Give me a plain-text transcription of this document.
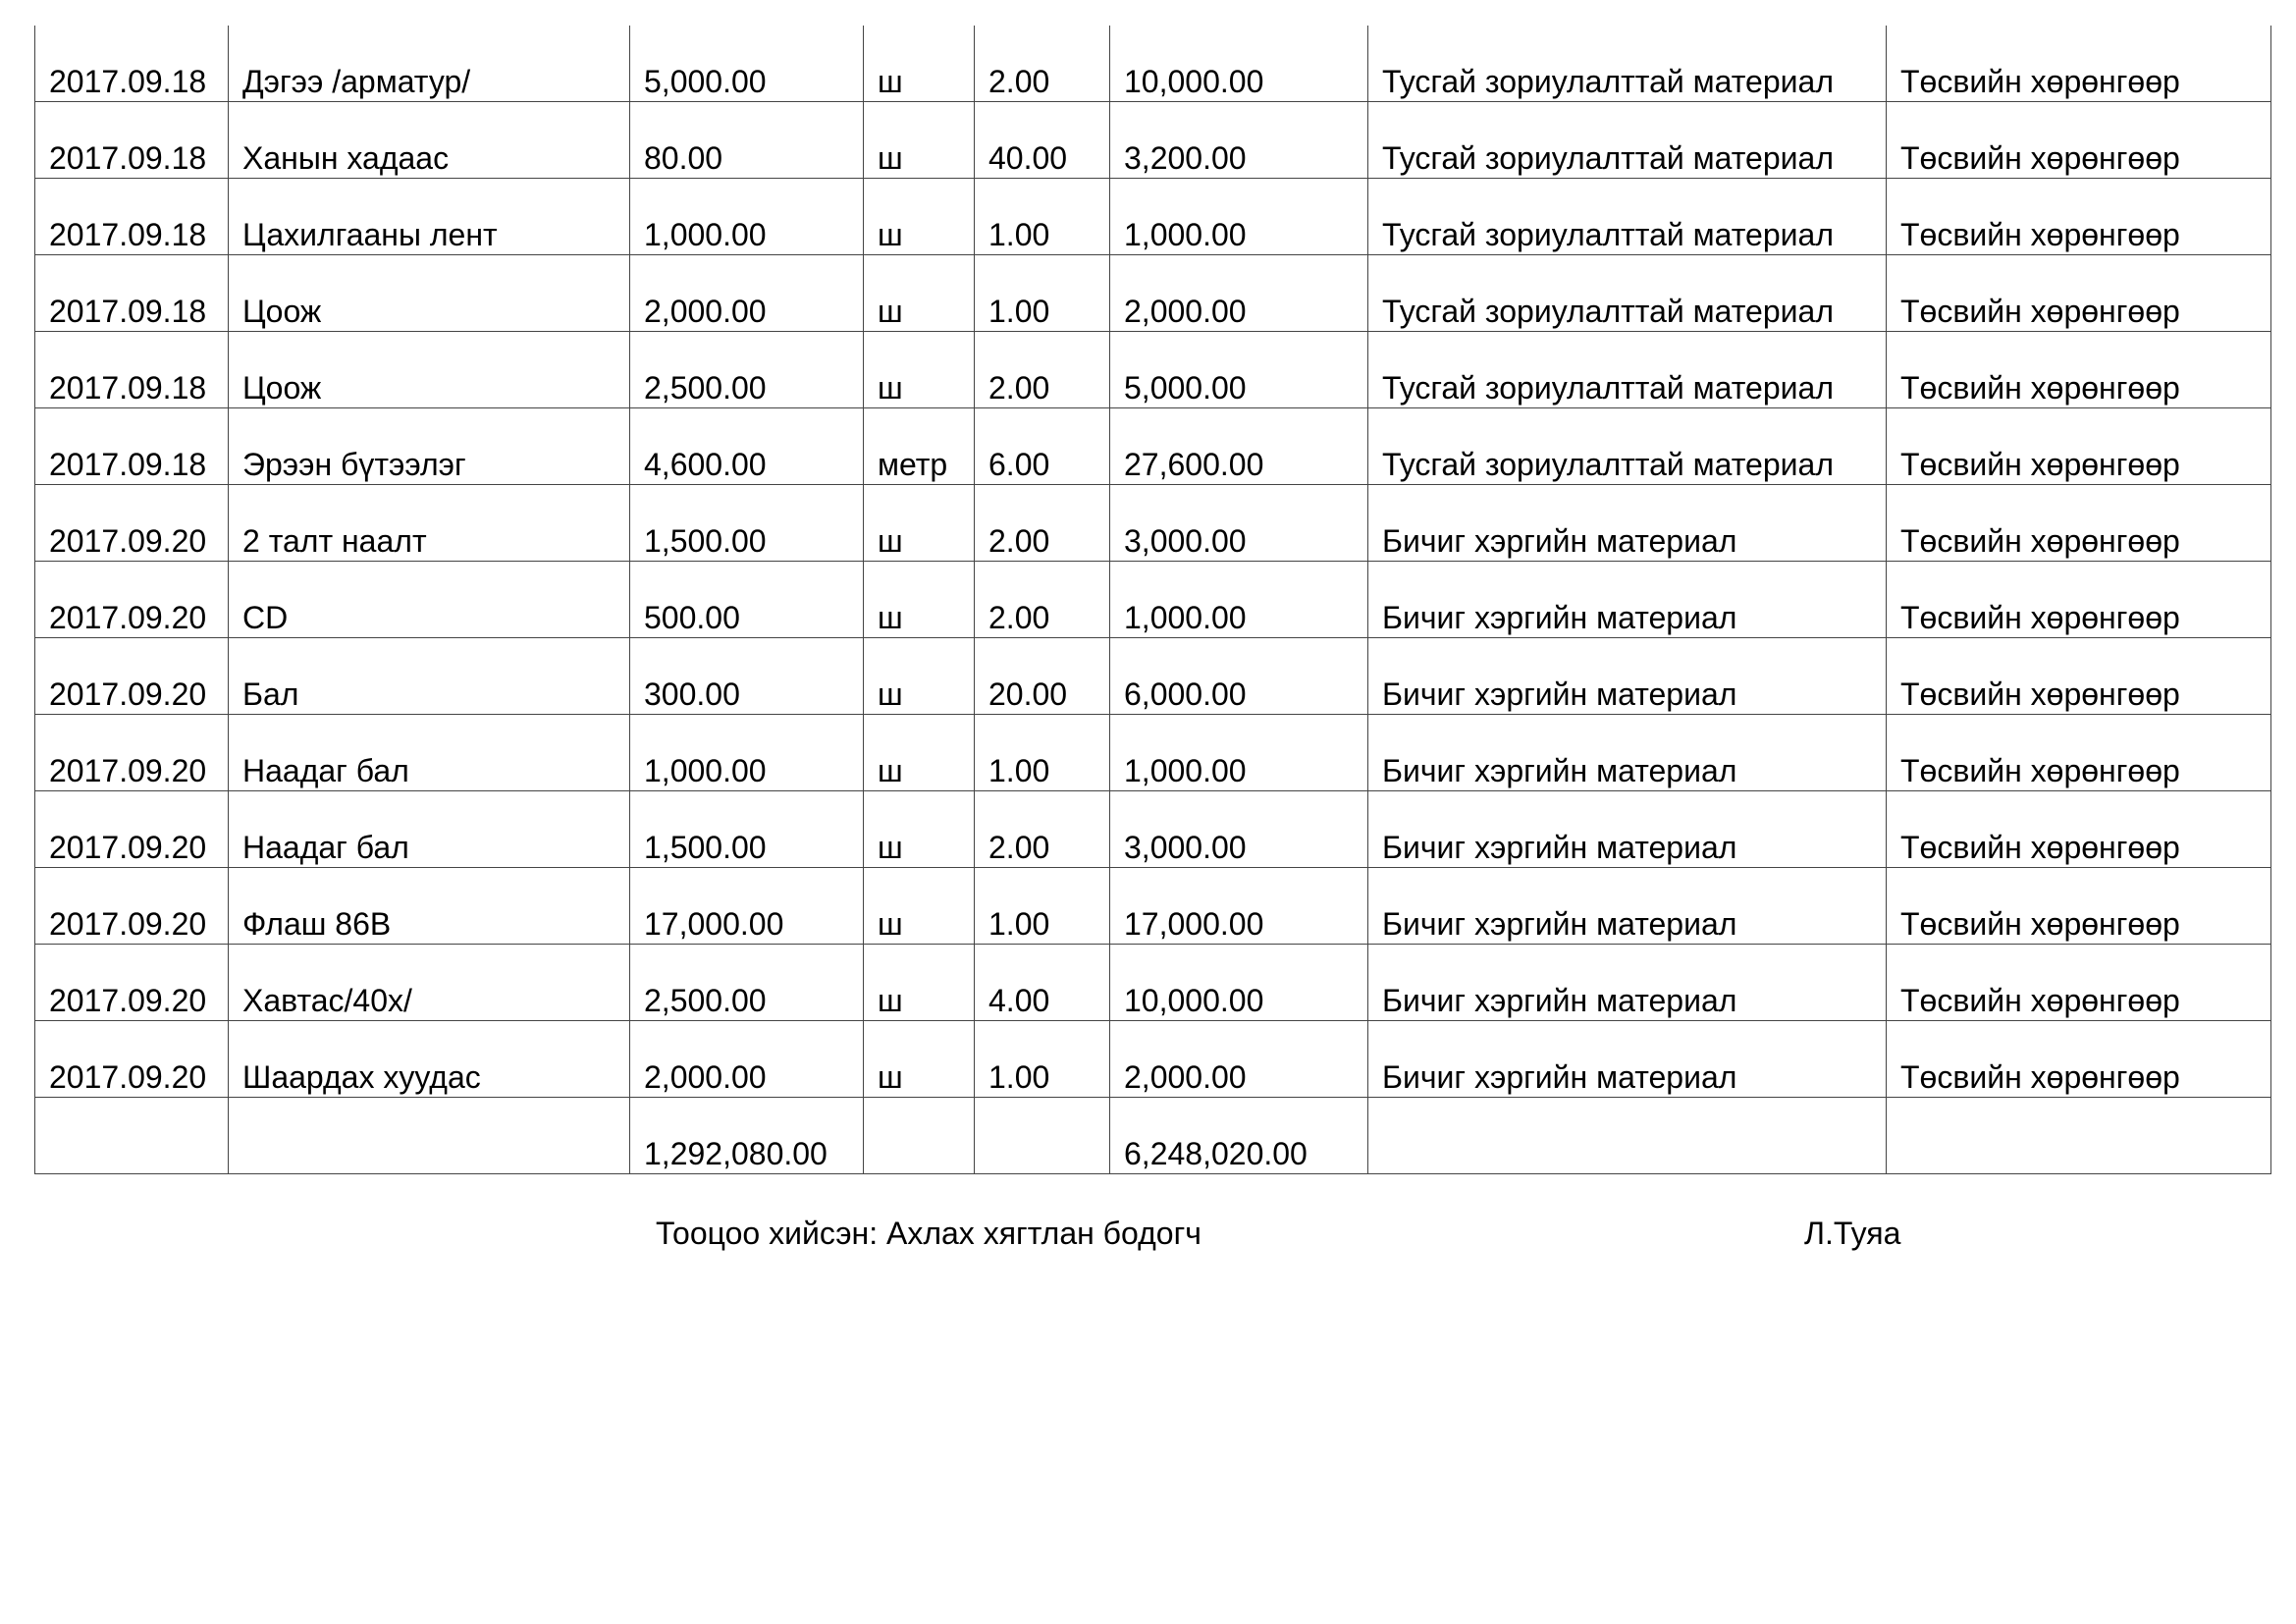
2017.09.18	Дэгээ /арматур/	5,000.00	ш	2.00	10,000.00	Тусгай зориулалттай материал	Төсвийн хөрөнгөөр

2017.09.18	Ханын хадаас	80.00	ш	40.00	3,200.00	Тусгай зориулалттай материал	Төсвийн хөрөнгөөр

2017.09.18	Цахилгааны лент	1,000.00	ш	1.00	1,000.00	Тусгай зориулалттай материал	Төсвийн хөрөнгөөр

2017.09.18	Цоож	2,000.00	ш	1.00	2,000.00	Тусгай зориулалттай материал	Төсвийн хөрөнгөөр

2017.09.18	Цоож	2,500.00	ш	2.00	5,000.00	Тусгай зориулалттай материал	Төсвийн хөрөнгөөр

2017.09.18	Эрээн бүтээлэг	4,600.00	метр	6.00	27,600.00	Тусгай зориулалттай материал	Төсвийн хөрөнгөөр

2017.09.20	2 талт наалт	1,500.00	ш	2.00	3,000.00	Бичиг хэргийн материал	Төсвийн хөрөнгөөр

2017.09.20	CD	500.00	ш	2.00	1,000.00	Бичиг хэргийн материал	Төсвийн хөрөнгөөр

2017.09.20	Бал	300.00	ш	20.00	6,000.00	Бичиг хэргийн материал	Төсвийн хөрөнгөөр

2017.09.20	Наадаг бал	1,000.00	ш	1.00	1,000.00	Бичиг хэргийн материал	Төсвийн хөрөнгөөр

2017.09.20	Наадаг бал	1,500.00	ш	2.00	3,000.00	Бичиг хэргийн материал	Төсвийн хөрөнгөөр

2017.09.20	Флаш 86B	17,000.00	ш	1.00	17,000.00	Бичиг хэргийн материал	Төсвийн хөрөнгөөр

2017.09.20	Хавтас/40х/	2,500.00	ш	4.00	10,000.00	Бичиг хэргийн материал	Төсвийн хөрөнгөөр

2017.09.20	Шаардах хуудас	2,000.00	ш	1.00	2,000.00	Бичиг хэргийн материал	Төсвийн хөрөнгөөр

		1,292,080.00			6,248,020.00		

Тооцоо хийсэн: Ахлах хягтлан бодогч	Л.Туяа
